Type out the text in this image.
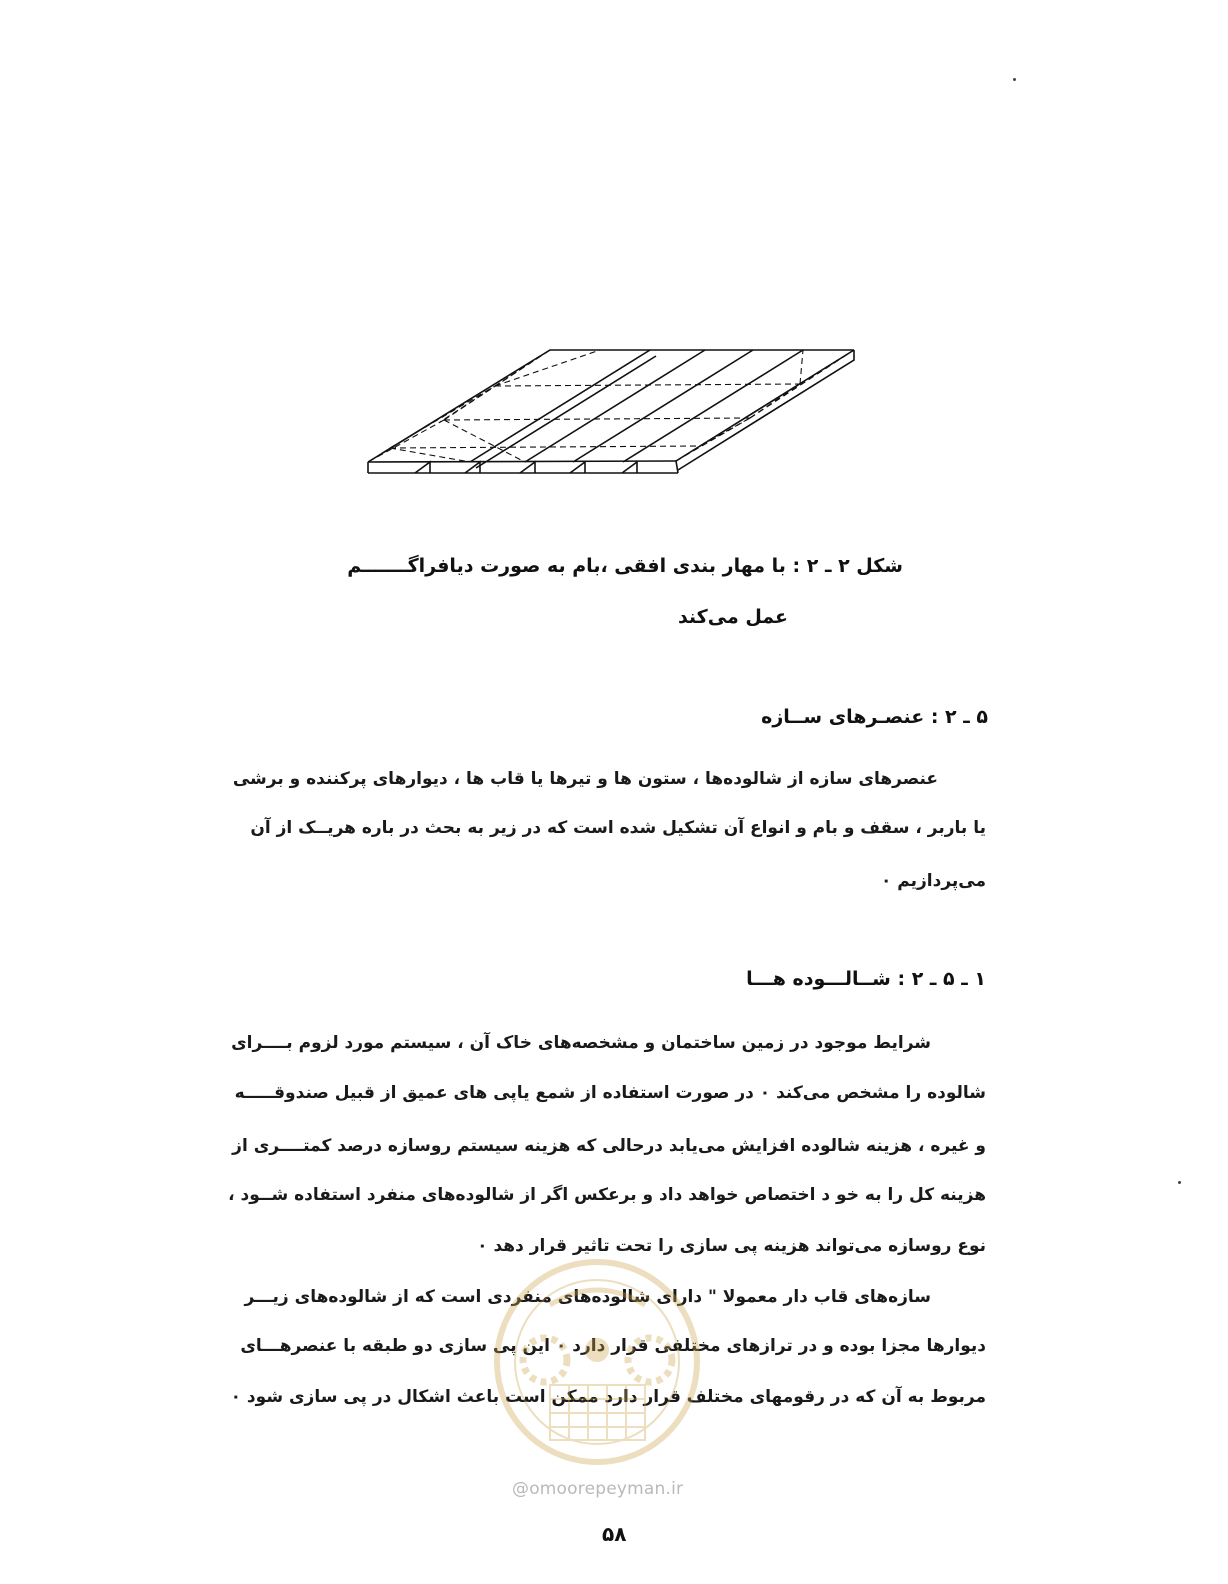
شکل ۲ ـ ۲ : با مهار بندی افقی ،بام به صورت دیافراگـــــــم
عمل می‌کند
۵ ـ ۲ : عنصـرهای ســازه
عنصرهای سازه از شالوده‌ها ، ستون ها و تیرها یا قاب ها ، دیوارهای پرکننده و برشی
یا باربر ، سقف و بام و انواع آن تشکیل شده است که در زیر به بحث در باره هریــک از آن
می‌پردازیم ۰
۱ ـ ۵ ـ ۲ : شــالـــوده هـــا
شرایط موجود در زمین ساختمان و مشخصه‌های خاک آن ، سیستم مورد لزوم بــــرای
شالوده را مشخص می‌کند ۰ در صورت استفاده از شمع یاپی های عمیق از قبیل صندوقـــــه
و غیره ، هزینه شالوده افزایش می‌یابد درحالی که هزینه سیستم روسازه درصد کمتــــری از
هزینه کل را به خو د اختصاص خواهد داد و برعکس اگر از شالوده‌های منفرد استفاده شــود ،
نوع روسازه می‌تواند هزینه پی سازی را تحت تاثیر قرار دهد ۰
سازه‌های قاب دار معمولا " دارای شالوده‌های منفردی است که از شالوده‌های زیـــر
دیوارها مجزا بوده و در ترازهای مختلفی قرار دارد ۰ این پی سازی دو طبقه با عنصرهـــای
مربوط به آن که در رقومهای مختلف قرار دارد ممکن است باعث اشکال در پی سازی شود ۰
@omoorepeyman.ir
۵۸
